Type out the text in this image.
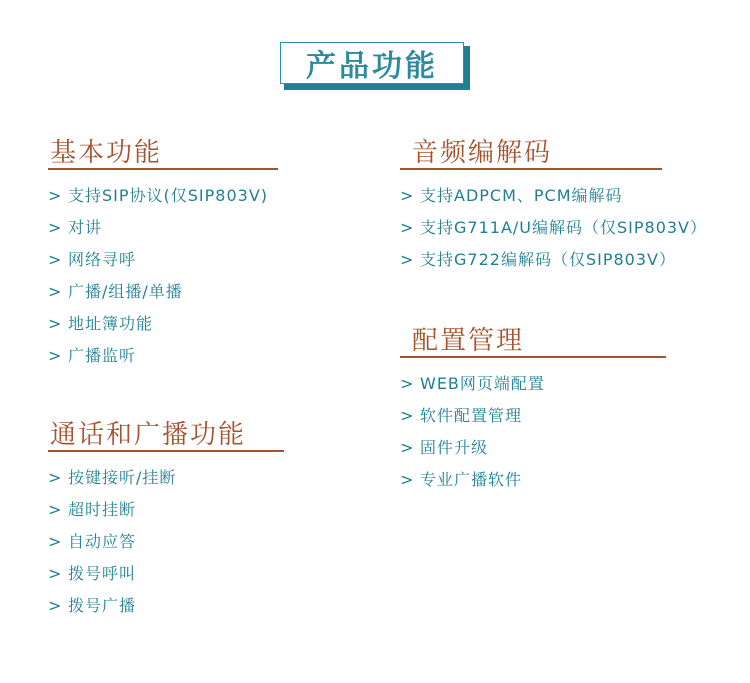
产品功能
基本功能
> 支持SIP协议(仅SIP803V)
> 对讲
> 网络寻呼
> 广播/组播/单播
> 地址簿功能
> 广播监听
通话和广播功能
> 按键接听/挂断
> 超时挂断
> 自动应答
> 拨号呼叫
> 拨号广播
音频编解码
> 支持ADPCM、PCM编解码
> 支持G711A/U编解码（仅SIP803V）
> 支持G722编解码（仅SIP803V）
配置管理
> WEB网页端配置
> 软件配置管理
> 固件升级
> 专业广播软件
